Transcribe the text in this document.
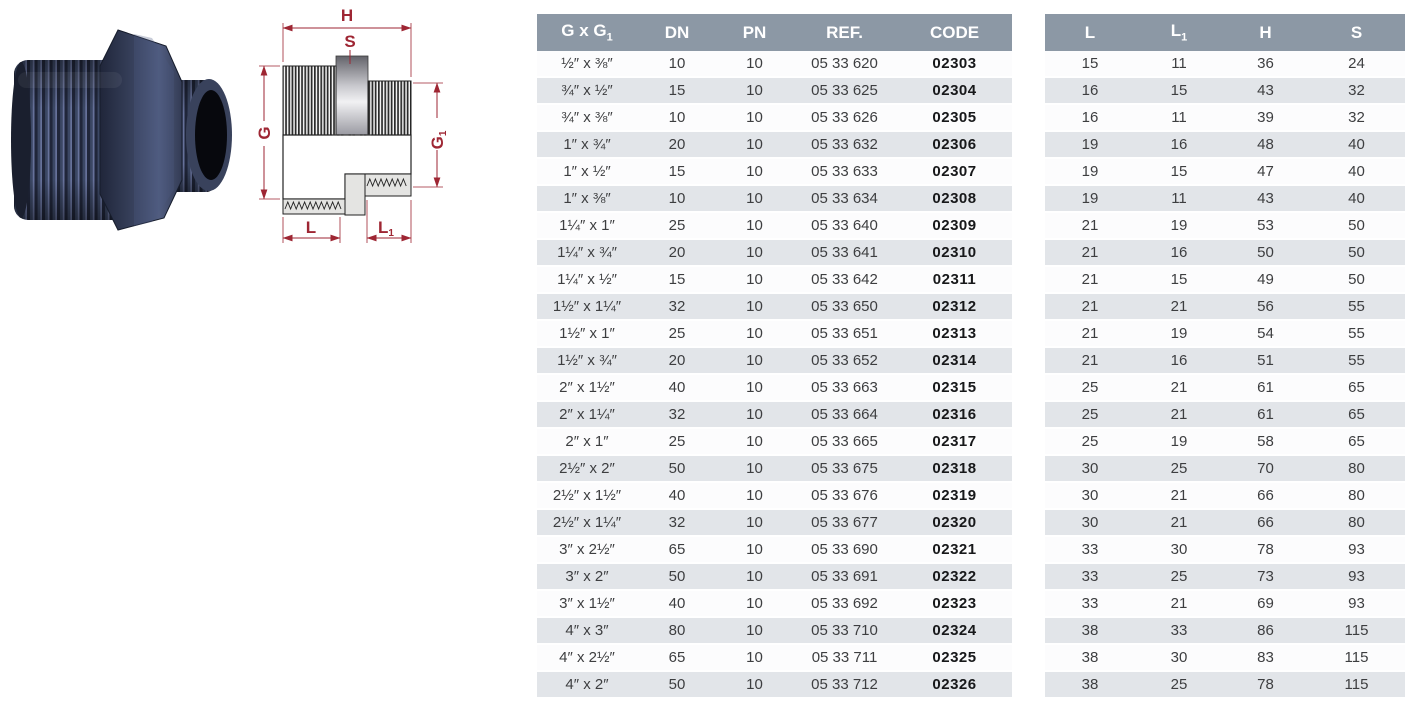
H
S
G
G1
L	L1
G x $G_1$	DN	PN	REF.	CODE
½″ x ⅜″	10	10	05 33 620	02303
¾″ x ½″	15	10	05 33 625	02304
¾″ x ⅜″	10	10	05 33 626	02305
1″ x ¾″	20	10	05 33 632	02306
1″ x ½″	15	10	05 33 633	02307
1″ x ⅜″	10	10	05 33 634	02308
1¼″ x 1″	25	10	05 33 640	02309
1¼″ x ¾″	20	10	05 33 641	02310
1¼″ x ½″	15	10	05 33 642	02311
1½″ x 1¼″	32	10	05 33 650	02312
1½″ x 1″	25	10	05 33 651	02313
1½″ x ¾″	20	10	05 33 652	02314
2″ x 1½″	40	10	05 33 663	02315
2″ x 1¼″	32	10	05 33 664	02316
2″ x 1″	25	10	05 33 665	02317
2½″ x 2″	50	10	05 33 675	02318
2½″ x 1½″	40	10	05 33 676	02319
2½″ x 1¼″	32	10	05 33 677	02320
3″ x 2½″	65	10	05 33 690	02321
3″ x 2″	50	10	05 33 691	02322
3″ x 1½″	40	10	05 33 692	02323
4″ x 3″	80	10	05 33 710	02324
4″ x 2½″	65	10	05 33 711	02325
4″ x 2″	50	10	05 33 712	02326
L	$L_1$	H	S
15	11	36	24
16	15	43	32
16	11	39	32
19	16	48	40
19	15	47	40
19	11	43	40
21	19	53	50
21	16	50	50
21	15	49	50
21	21	56	55
21	19	54	55
21	16	51	55
25	21	61	65
25	21	61	65
25	19	58	65
30	25	70	80
30	21	66	80
30	21	66	80
33	30	78	93
33	25	73	93
33	21	69	93
38	33	86	115
38	30	83	115
38	25	78	115
